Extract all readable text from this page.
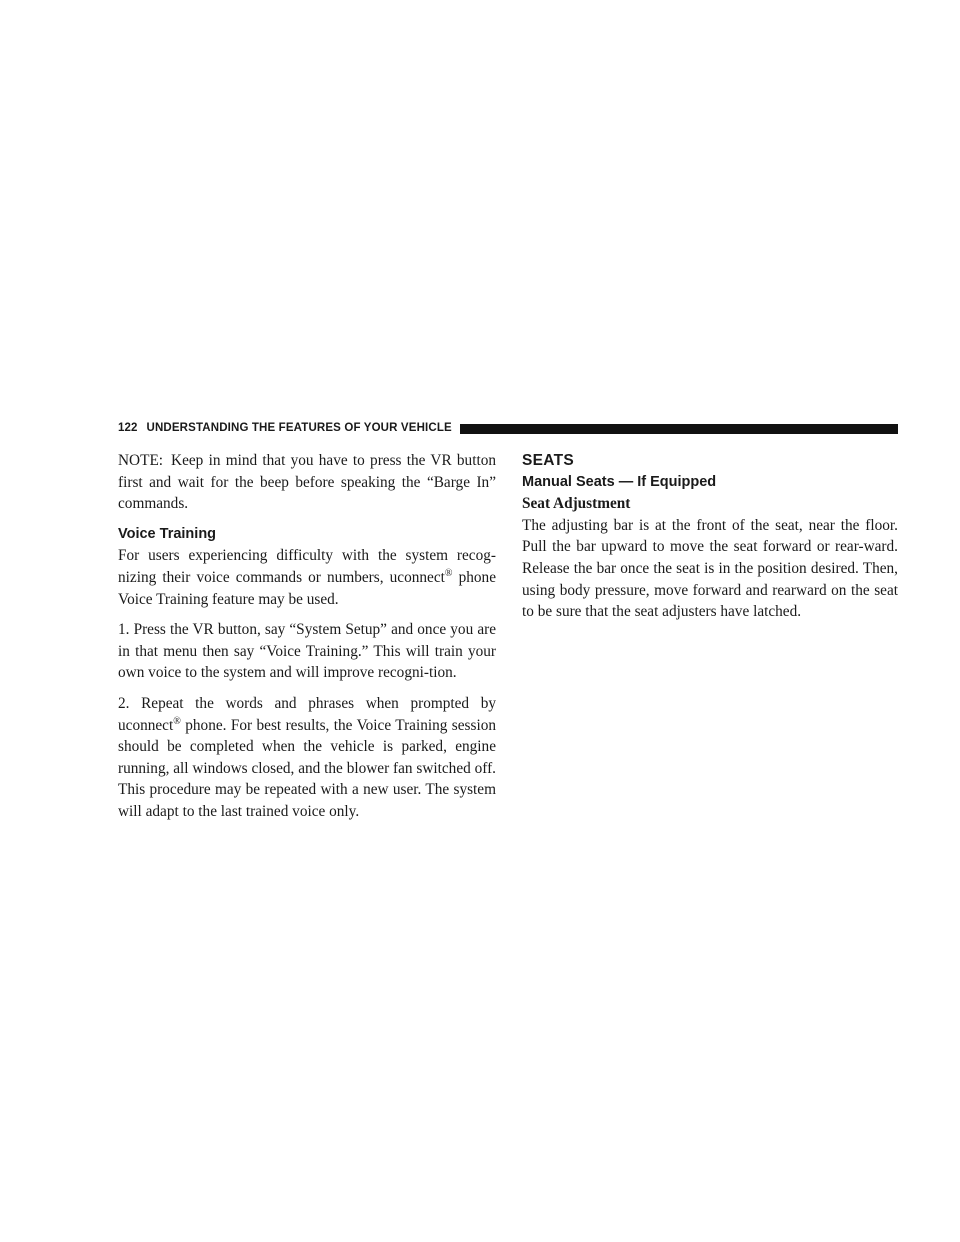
122 UNDERSTANDING THE FEATURES OF YOUR VEHICLE

NOTE: Keep in mind that you have to press the VR button first and wait for the beep before speaking the “Barge In” commands.

Voice Training

For users experiencing difficulty with the system recog-nizing their voice commands or numbers, uconnect® phone Voice Training feature may be used.

1. Press the VR button, say “System Setup” and once you are in that menu then say “Voice Training.” This will train your own voice to the system and will improve recogni-tion.

2. Repeat the words and phrases when prompted by uconnect® phone. For best results, the Voice Training session should be completed when the vehicle is parked, engine running, all windows closed, and the blower fan switched off. This procedure may be repeated with a new user. The system will adapt to the last trained voice only.

SEATS
Manual Seats — If Equipped
Seat Adjustment

The adjusting bar is at the front of the seat, near the floor. Pull the bar upward to move the seat forward or rear-ward. Release the bar once the seat is in the position desired. Then, using body pressure, move forward and rearward on the seat to be sure that the seat adjusters have latched.
